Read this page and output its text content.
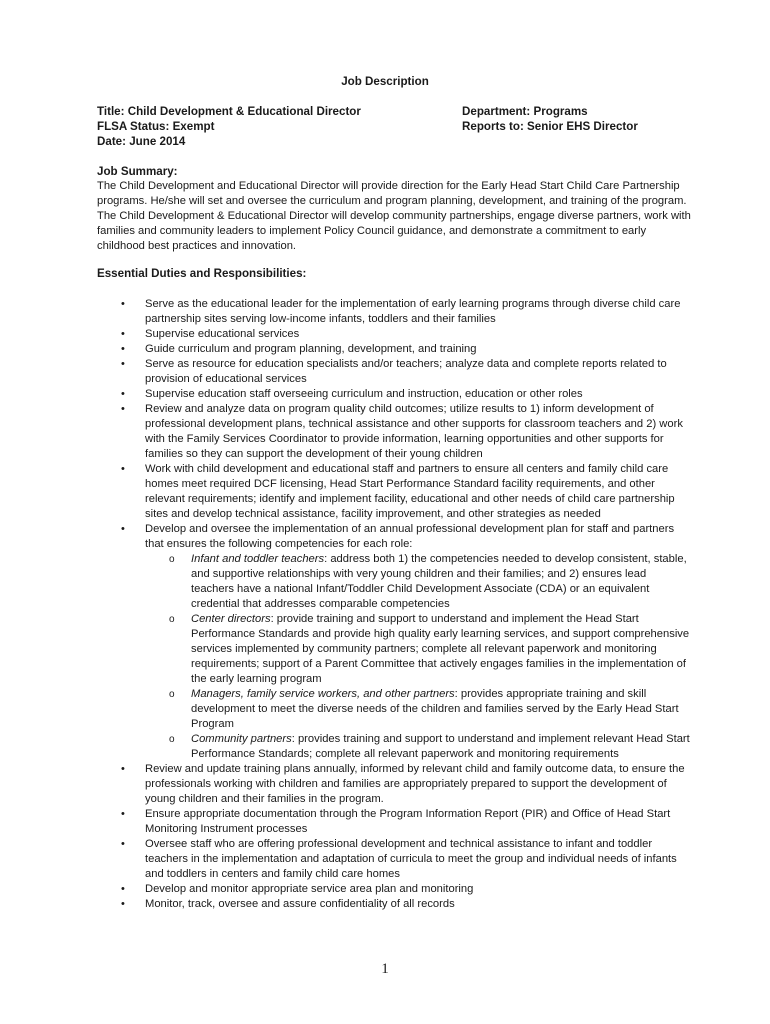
Job Description
Title: Child Development & Educational Director
FLSA Status: Exempt
Date: June 2014
Department: Programs
Reports to: Senior EHS Director
Job Summary:

The Child Development and Educational Director will provide direction for the Early Head Start Child Care Partnership programs. He/she will set and oversee the curriculum and program planning, development, and training of the program. The Child Development & Educational Director will develop community partnerships, engage diverse partners, work with families and community leaders to implement Policy Council guidance, and demonstrate a commitment to early childhood best practices and innovation.

Essential Duties and Responsibilities:
• Serve as the educational leader for the implementation of early learning programs through diverse child care partnership sites serving low-income infants, toddlers and their families
• Supervise educational services
• Guide curriculum and program planning, development, and training
• Serve as resource for education specialists and/or teachers; analyze data and complete reports related to provision of educational services
• Supervise education staff overseeing curriculum and instruction, education or other roles
• Review and analyze data on program quality child outcomes; utilize results to 1) inform development of professional development plans, technical assistance and other supports for classroom teachers and 2) work with the Family Services Coordinator to provide information, learning opportunities and other supports for families so they can support the development of their young children
• Work with child development and educational staff and partners to ensure all centers and family child care homes meet required DCF licensing, Head Start Performance Standard facility requirements, and other relevant requirements; identify and implement facility, educational and other needs of child care partnership sites and develop technical assistance, facility improvement, and other strategies as needed
• Develop and oversee the implementation of an annual professional development plan for staff and partners that ensures the following competencies for each role:
o Infant and toddler teachers: address both 1) the competencies needed to develop consistent, stable, and supportive relationships with very young children and their families; and 2) ensures lead teachers have a national Infant/Toddler Child Development Associate (CDA) or an equivalent credential that addresses comparable competencies
o Center directors: provide training and support to understand and implement the Head Start Performance Standards and provide high quality early learning services, and support comprehensive services implemented by community partners; complete all relevant paperwork and monitoring requirements; support of a Parent Committee that actively engages families in the implementation of the early learning program
o Managers, family service workers, and other partners: provides appropriate training and skill development to meet the diverse needs of the children and families served by the Early Head Start Program
o Community partners: provides training and support to understand and implement relevant Head Start Performance Standards; complete all relevant paperwork and monitoring requirements
• Review and update training plans annually, informed by relevant child and family outcome data, to ensure the professionals working with children and families are appropriately prepared to support the development of young children and their families in the program.
• Ensure appropriate documentation through the Program Information Report (PIR) and Office of Head Start Monitoring Instrument processes
• Oversee staff who are offering professional development and technical assistance to infant and toddler teachers in the implementation and adaptation of curricula to meet the group and individual needs of infants and toddlers in centers and family child care homes
• Develop and monitor appropriate service area plan and monitoring
• Monitor, track, oversee and assure confidentiality of all records
1
